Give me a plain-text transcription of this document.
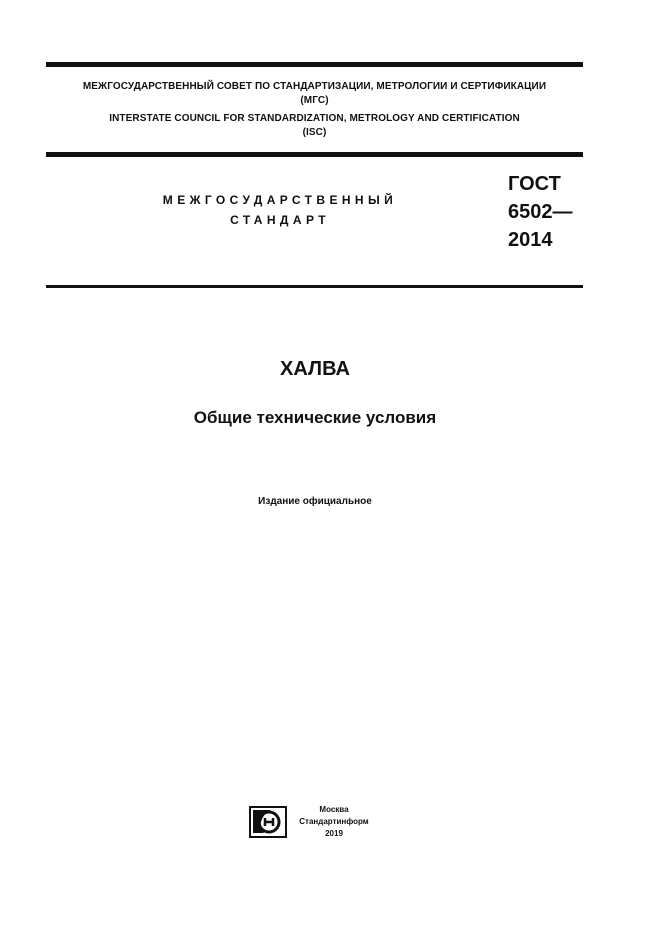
МЕЖГОСУДАРСТВЕННЫЙ СОВЕТ ПО СТАНДАРТИЗАЦИИ, МЕТРОЛОГИИ И СЕРТИФИКАЦИИ
(МГС)
INTERSTATE COUNCIL FOR STANDARDIZATION, METROLOGY AND CERTIFICATION
(ISC)
МЕЖГОСУДАРСТВЕННЫЙ
СТАНДАРТ
ГОСТ
6502—
2014
ХАЛВА
Общие технические условия
Издание официальное
Москва
Стандартинформ
2019
